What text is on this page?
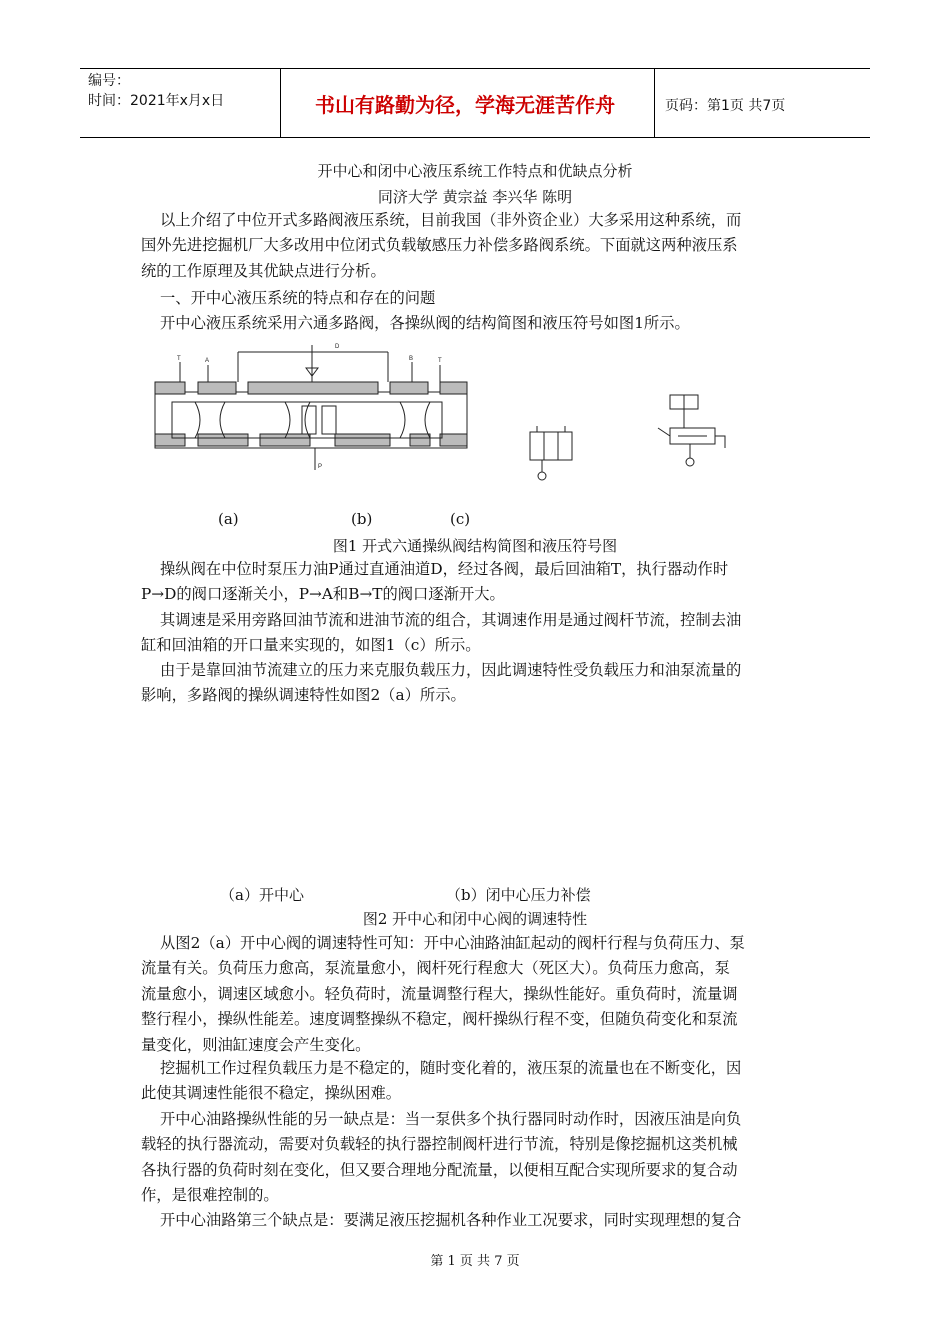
编号：
时间：2021年x月x日	书山有路勤为径，学海无涯苦作舟	页码：第1页 共7页
开中心和闭中心液压系统工作特点和优缺点分析
同济大学 黄宗益 李兴华 陈明
以上介绍了中位开式多路阀液压系统，目前我国（非外资企业）大多采用这种系统，而
国外先进挖掘机厂大多改用中位闭式负载敏感压力补偿多路阀系统。下面就这两种液压系
统的工作原理及其优缺点进行分析。
一、开中心液压系统的特点和存在的问题
开中心液压系统采用六通多路阀，各操纵阀的结构简图和液压符号如图1所示。
T	A
D
B	T
P
(a)	(b)	(c)
图1 开式六通操纵阀结构简图和液压符号图
操纵阀在中位时泵压力油P通过直通油道D，经过各阀，最后回油箱T，执行器动作时
P→D的阀口逐渐关小，P→A和B→T的阀口逐渐开大。
其调速是采用旁路回油节流和进油节流的组合，其调速作用是通过阀杆节流，控制去油
缸和回油箱的开口量来实现的，如图1（c）所示。
由于是靠回油节流建立的压力来克服负载压力，因此调速特性受负载压力和油泵流量的
影响，多路阀的操纵调速特性如图2（a）所示。
（a）开中心	（b）闭中心压力补偿
图2 开中心和闭中心阀的调速特性
从图2（a）开中心阀的调速特性可知：开中心油路油缸起动的阀杆行程与负荷压力、泵
流量有关。负荷压力愈高，泵流量愈小，阀杆死行程愈大（死区大）。负荷压力愈高，泵
流量愈小，调速区域愈小。轻负荷时，流量调整行程大，操纵性能好。重负荷时，流量调
整行程小，操纵性能差。速度调整操纵不稳定，阀杆操纵行程不变，但随负荷变化和泵流
量变化，则油缸速度会产生变化。
挖掘机工作过程负载压力是不稳定的，随时变化着的，液压泵的流量也在不断变化，因
此使其调速性能很不稳定，操纵困难。
开中心油路操纵性能的另一缺点是：当一泵供多个执行器同时动作时，因液压油是向负
载轻的执行器流动，需要对负载轻的执行器控制阀杆进行节流，特别是像挖掘机这类机械
各执行器的负荷时刻在变化，但又要合理地分配流量，以便相互配合实现所要求的复合动
作，是很难控制的。
开中心油路第三个缺点是：要满足液压挖掘机各种作业工况要求，同时实现理想的复合
第 1 页 共 7 页
